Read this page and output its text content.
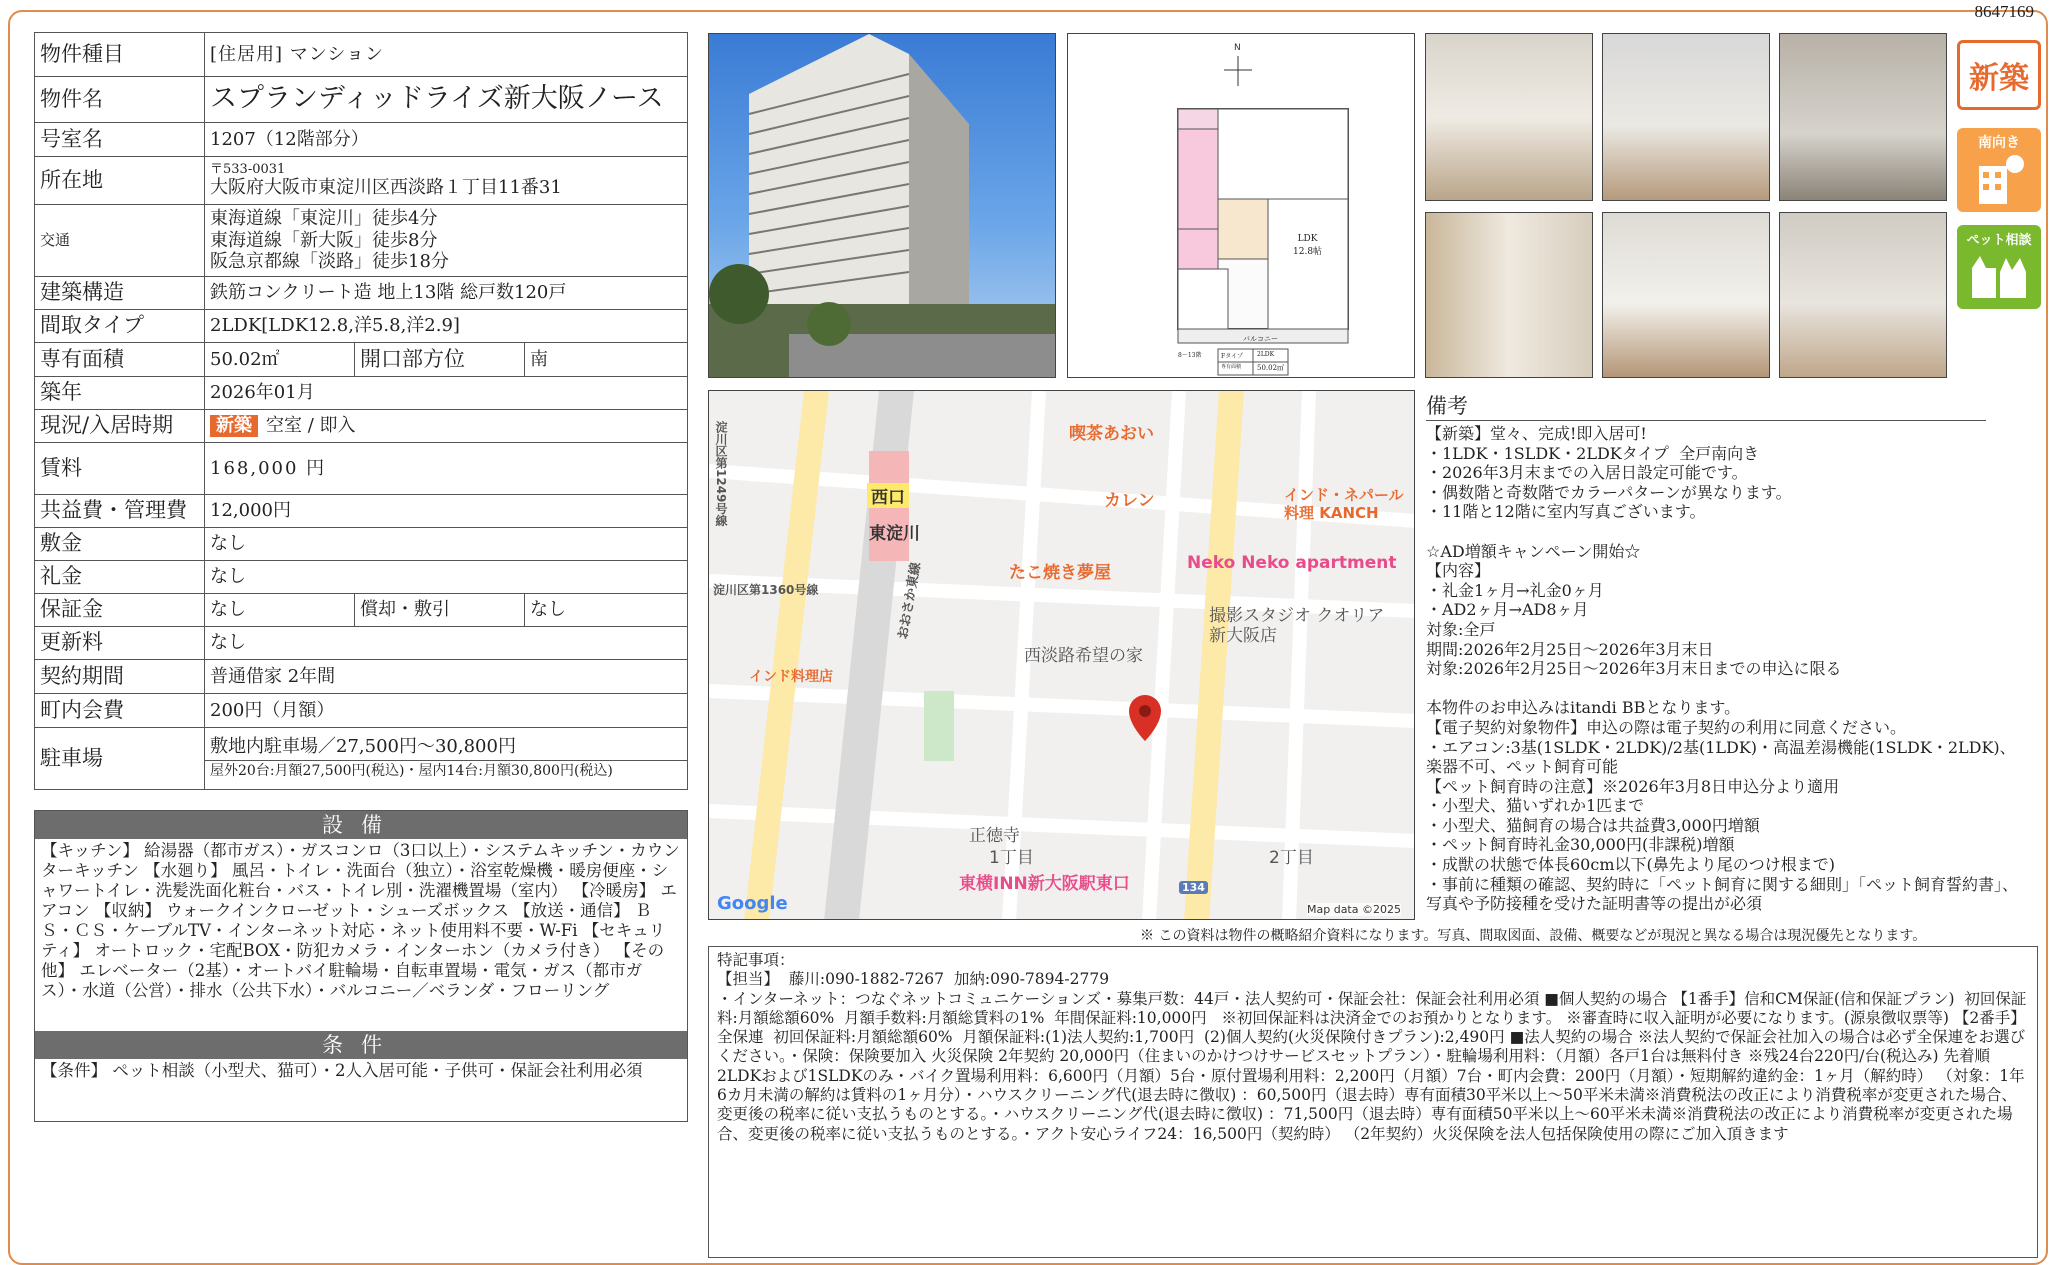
8647169
物件種目	[住居用] マンション		
物件名	スプランディッドライズ新大阪ノース		
号室名	1207（12階部分）		
所在地	〒533-0031
大阪府大阪市東淀川区西淡路１丁目11番31		

交通	東海道線「東淀川」徒歩4分
東海道線「新大阪」徒歩8分
阪急京都線「淡路」徒歩18分		

建築構造	鉄筋コンクリート造 地上13階 総戸数120戸		
間取タイプ	2LDK[LDK12.8,洋5.8,洋2.9]		
専有面積	50.02㎡	開口部方位	南
築年	2026年01月		
現況/入居時期	新築 空室 / 即入		
賃料	168,000 円		
共益費・管理費	12,000円		
敷金	なし		
礼金	なし		
保証金	なし	償却・敷引	なし
更新料	なし		
契約期間	普通借家 2年間		
町内会費	200円（月額）		
駐車場	敷地内駐車場／27,500円〜30,800円
屋外20台:月額27,500円(税込)・屋内14台:月額30,800円(税込)		
設備
【キッチン】 給湯器（都市ガス）・ガスコンロ（3口以上）・システムキッチン・カウンターキッチン 【水廻り】 風呂・トイレ・洗面台（独立）・浴室乾燥機・暖房便座・シャワートイレ・洗髪洗面化粧台・バス・トイレ別・洗濯機置場（室内） 【冷暖房】 エアコン 【収納】 ウォークインクローゼット・シューズボックス 【放送・通信】 ＢＳ・ＣＳ・ケーブルTV・インターネット対応・ネット使用料不要・W-Fi 【セキュリティ】 オートロック・宅配BOX・防犯カメラ・インターホン（カメラ付き） 【その他】 エレベーター（2基）・オートバイ駐輪場・自転車置場・電気・ガス（都市ガス）・水道（公営）・排水（公共下水）・バルコニー／ベランダ・フローリング
条件
【条件】 ペット相談（小型犬、猫可）・2人入居可能・子供可・保証会社利用必須
N
LDK
12.8帖
バルコニー
8〜13階	Fタイプ 2LDK
専有面積 50.02㎡
新築
南向き
ペット相談
喫茶あおい
カレン	インド・ネパール料理 KANCH
西口
東淀川
たこ焼き夢屋	Neko Neko apartment
撮影スタジオ クオリア 新大阪店
西淡路希望の家
インド料理店
淀川区第1249号線
淀川区第1360号線	おおさか東線
正徳寺
1丁目	2丁目
東横INN新大阪駅東口	134
Google	Map data ©2025
備考
【新築】堂々、完成!即入居可!
・1LDK・1SLDK・2LDKタイプ  全戸南向き
・2026年3月末までの入居日設定可能です。
・偶数階と奇数階でカラーパターンが異なります。
・11階と12階に室内写真ございます。

☆AD増額キャンペーン開始☆
【内容】
・礼金1ヶ月→礼金0ヶ月
・AD2ヶ月→AD8ヶ月
対象:全戸
期間:2026年2月25日〜2026年3月末日
対象:2026年2月25日〜2026年3月末日までの申込に限る

本物件のお申込みはitandi BBとなります。
【電子契約対象物件】申込の際は電子契約の利用に同意ください。
・エアコン:3基(1SLDK・2LDK)/2基(1LDK)・高温差湯機能(1SLDK・2LDK)、楽器不可、ペット飼育可能
【ペット飼育時の注意】※2026年3月8日申込分より適用
・小型犬、猫いずれか1匹まで
・小型犬、猫飼育の場合は共益費3,000円増額
・ペット飼育時礼金30,000円(非課税)増額
・成獣の状態で体長60cm以下(鼻先より尾のつけ根まで)
・事前に種類の確認、契約時に「ペット飼育に関する細則」「ペット飼育誓約書」、写真や予防接種を受けた証明書等の提出が必須
※ この資料は物件の概略紹介資料になります。写真、間取図面、設備、概要などが現況と異なる場合は現況優先となります。
特記事項：
【担当】  藤川:090-1882-7267  加納:090-7894-2779
・インターネット：つなぐネットコミュニケーションズ・募集戸数：44戸・法人契約可・保証会社：保証会社利用必須 ■個人契約の場合 【1番手】信和CM保証(信和保証プラン)  初回保証料:月額総額60%  月額手数料:月額総賃料の1%  年間保証料:10,000円   ※初回保証料は決済金でのお預かりとなります。 ※審査時に収入証明が必要になります。(源泉徴収票等) 【2番手】全保連  初回保証料:月額総額60%  月額保証料:(1)法人契約:1,700円  (2)個人契約(火災保険付きプラン):2,490円 ■法人契約の場合 ※法人契約で保証会社加入の場合は必ず全保連をお選びください。・保険：保険要加入 火災保険 2年契約 20,000円（住まいのかけつけサービスセットプラン）・駐輪場利用料：（月額）各戸1台は無料付き ※残24台220円/台(税込み) 先着順2LDKおよび1SLDKのみ・バイク置場利用料：6,600円（月額）5台・原付置場利用料：2,200円（月額）7台・町内会費：200円（月額）・短期解約違約金：1ヶ月（解約時） （対象：1年6カ月未満の解約は賃料の1ヶ月分）・ハウスクリーニング代(退去時に徴収) ：60,500円（退去時）専有面積30平米以上〜50平米未満※消費税法の改正により消費税率が変更された場合、変更後の税率に従い支払うものとする。・ハウスクリーニング代(退去時に徴収) ：71,500円（退去時）専有面積50平米以上〜60平米未満※消費税法の改正により消費税率が変更された場合、変更後の税率に従い支払うものとする。・アクト安心ライフ24：16,500円（契約時） （2年契約）火災保険を法人包括保険使用の際にご加入頂きます
